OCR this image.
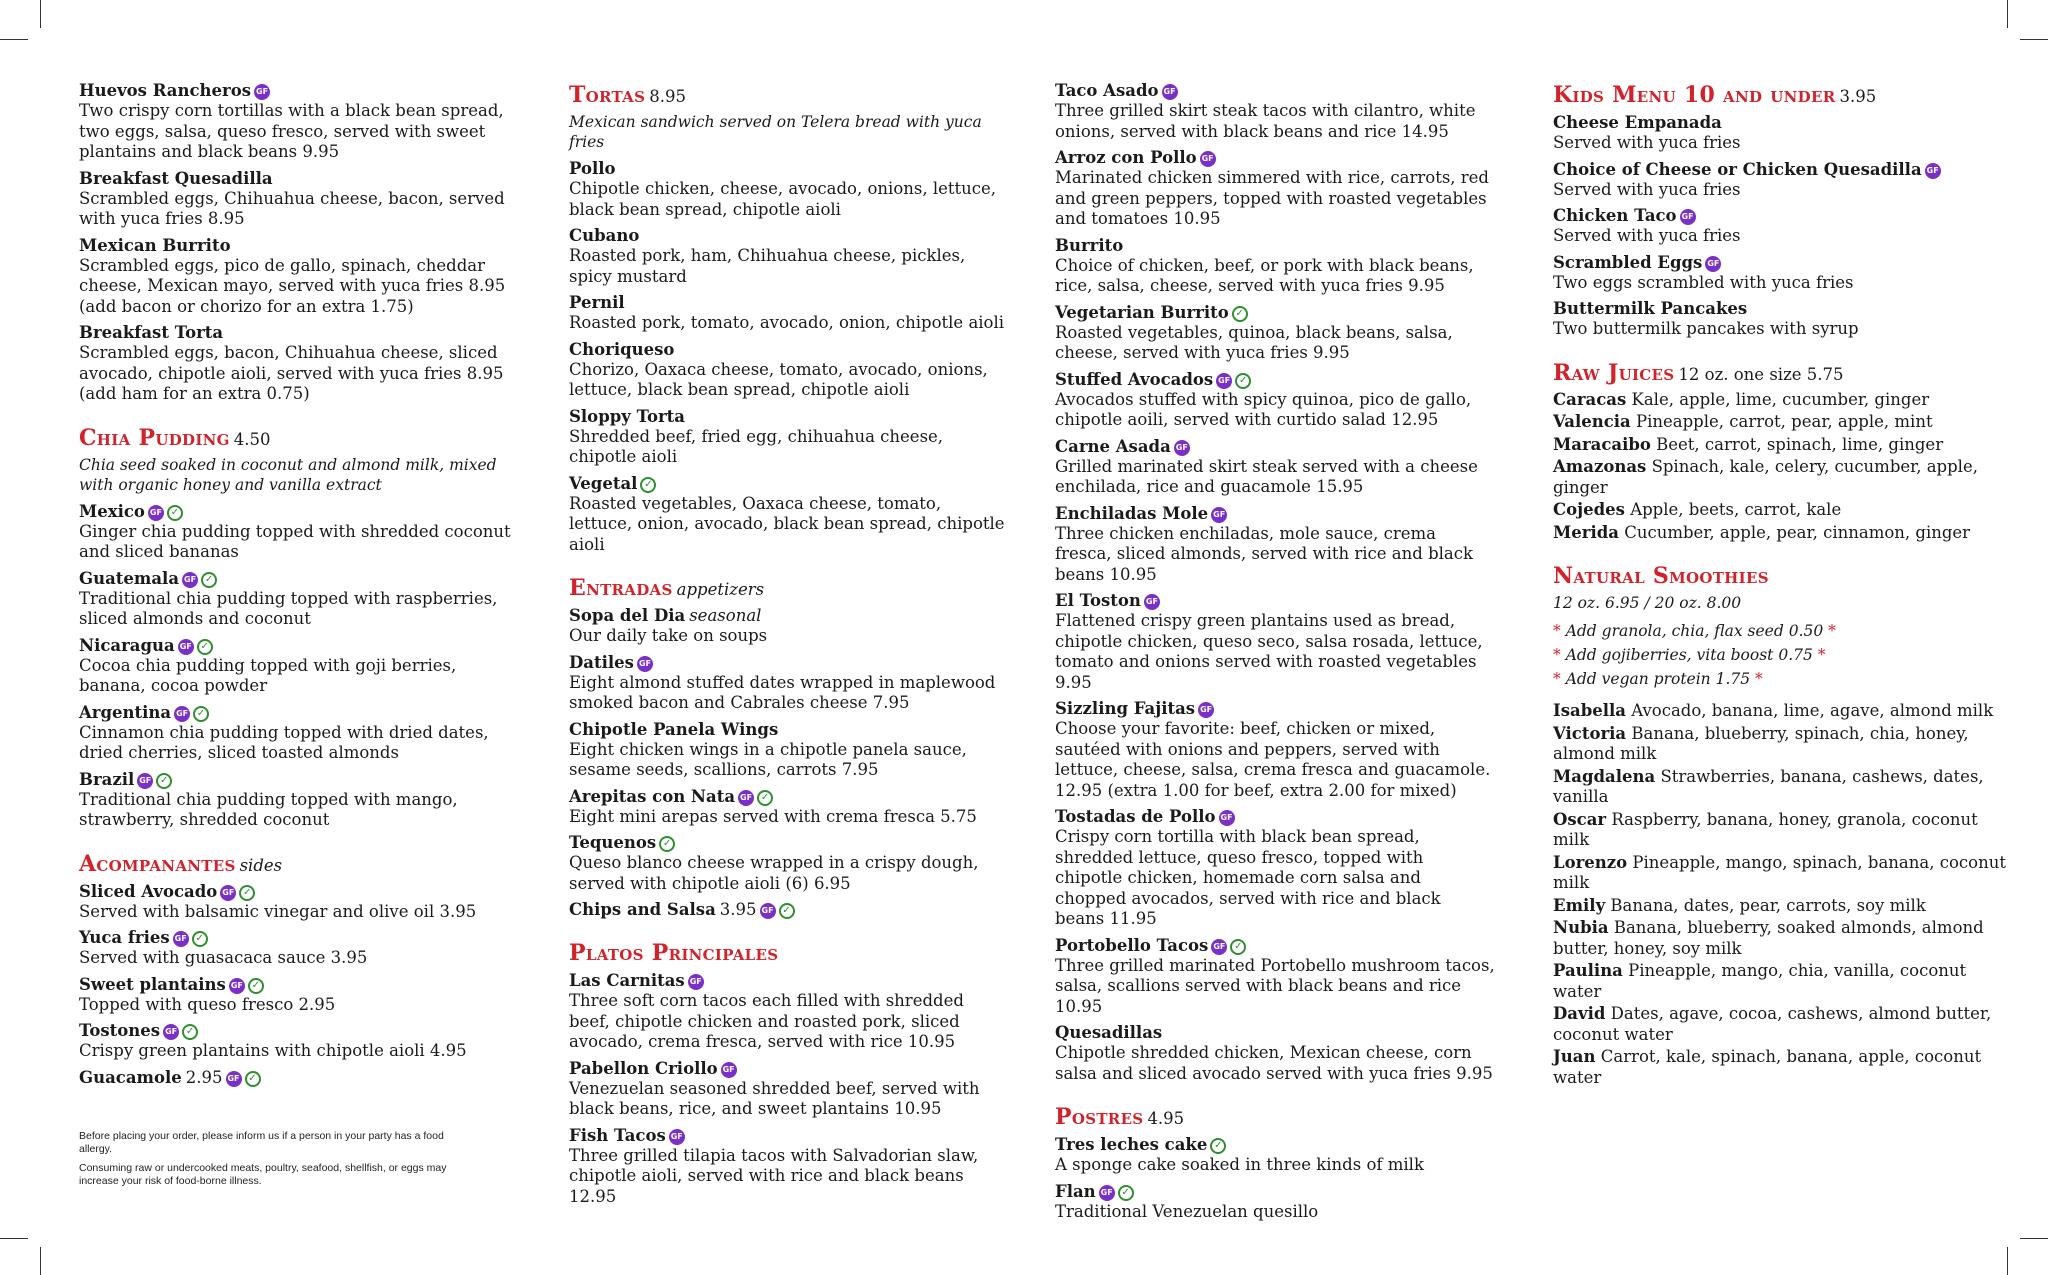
Huevos Rancheros GF
Two crispy corn tortillas with a black bean spread, two eggs, salsa, queso fresco, served with sweet plantains and black beans 9.95
Breakfast Quesadilla
Scrambled eggs, Chihuahua cheese, bacon, served with yuca fries 8.95
Mexican Burrito
Scrambled eggs, pico de gallo, spinach, cheddar cheese, Mexican mayo, served with yuca fries 8.95 (add bacon or chorizo for an extra 1.75)
Breakfast Torta
Scrambled eggs, bacon, Chihuahua cheese, sliced avocado, chipotle aioli, served with yuca fries 8.95 (add ham for an extra 0.75)
Chia Pudding 4.50
Chia seed soaked in coconut and almond milk, mixed with organic honey and vanilla extract
Mexico GF ✓
Ginger chia pudding topped with shredded coconut and sliced bananas
Guatemala GF ✓
Traditional chia pudding topped with raspberries, sliced almonds and coconut
Nicaragua GF ✓
Cocoa chia pudding topped with goji berries, banana, cocoa powder
Argentina GF ✓
Cinnamon chia pudding topped with dried dates, dried cherries, sliced toasted almonds
Brazil GF ✓
Traditional chia pudding topped with mango, strawberry, shredded coconut
Acompanantes sides
Sliced Avocado GF ✓
Served with balsamic vinegar and olive oil 3.95
Yuca fries GF ✓
Served with guasacaca sauce 3.95
Sweet plantains GF ✓
Topped with queso fresco 2.95
Tostones GF ✓
Crispy green plantains with chipotle aioli 4.95
Guacamole 2.95 GF ✓
Tortas 8.95
Mexican sandwich served on Telera bread with yuca fries
Pollo
Chipotle chicken, cheese, avocado, onions, lettuce, black bean spread, chipotle aioli
Cubano
Roasted pork, ham, Chihuahua cheese, pickles, spicy mustard
Pernil
Roasted pork, tomato, avocado, onion, chipotle aioli
Choriqueso
Chorizo, Oaxaca cheese, tomato, avocado, onions, lettuce, black bean spread, chipotle aioli
Sloppy Torta
Shredded beef, fried egg, chihuahua cheese, chipotle aioli
Vegetal ✓
Roasted vegetables, Oaxaca cheese, tomato, lettuce, onion, avocado, black bean spread, chipotle aioli
Entradas appetizers
Sopa del Dia seasonal
Our daily take on soups
Datiles GF
Eight almond stuffed dates wrapped in maplewood smoked bacon and Cabrales cheese 7.95
Chipotle Panela Wings
Eight chicken wings in a chipotle panela sauce, sesame seeds, scallions, carrots 7.95
Arepitas con Nata GF ✓
Eight mini arepas served with crema fresca 5.75
Tequenos ✓
Queso blanco cheese wrapped in a crispy dough, served with chipotle aioli (6) 6.95
Chips and Salsa 3.95 GF ✓
Platos Principales
Las Carnitas GF
Three soft corn tacos each filled with shredded beef, chipotle chicken and roasted pork, sliced avocado, crema fresca, served with rice 10.95
Pabellon Criollo GF
Venezuelan seasoned shredded beef, served with black beans, rice, and sweet plantains 10.95
Fish Tacos GF
Three grilled tilapia tacos with Salvadorian slaw, chipotle aioli, served with rice and black beans 12.95
Taco Asado GF
Three grilled skirt steak tacos with cilantro, white onions, served with black beans and rice 14.95
Arroz con Pollo GF
Marinated chicken simmered with rice, carrots, red and green peppers, topped with roasted vegetables and tomatoes 10.95
Burrito
Choice of chicken, beef, or pork with black beans, rice, salsa, cheese, served with yuca fries 9.95
Vegetarian Burrito ✓
Roasted vegetables, quinoa, black beans, salsa, cheese, served with yuca fries 9.95
Stuffed Avocados GF ✓
Avocados stuffed with spicy quinoa, pico de gallo, chipotle aoili, served with curtido salad 12.95
Carne Asada GF
Grilled marinated skirt steak served with a cheese enchilada, rice and guacamole 15.95
Enchiladas Mole GF
Three chicken enchiladas, mole sauce, crema fresca, sliced almonds, served with rice and black beans 10.95
El Toston GF
Flattened crispy green plantains used as bread, chipotle chicken, queso seco, salsa rosada, lettuce, tomato and onions served with roasted vegetables 9.95
Sizzling Fajitas GF
Choose your favorite: beef, chicken or mixed, sautéed with onions and peppers, served with lettuce, cheese, salsa, crema fresca and guacamole. 12.95 (extra 1.00 for beef, extra 2.00 for mixed)
Tostadas de Pollo GF
Crispy corn tortilla with black bean spread, shredded lettuce, queso fresco, topped with chipotle chicken, homemade corn salsa and chopped avocados, served with rice and black beans 11.95
Portobello Tacos GF ✓
Three grilled marinated Portobello mushroom tacos, salsa, scallions served with black beans and rice 10.95
Quesadillas
Chipotle shredded chicken, Mexican cheese, corn salsa and sliced avocado served with yuca fries 9.95
Postres 4.95
Tres leches cake ✓
A sponge cake soaked in three kinds of milk
Flan GF ✓
Traditional Venezuelan quesillo
Kids Menu 10 and under 3.95
Cheese Empanada
Served with yuca fries
Choice of Cheese or Chicken Quesadilla GF
Served with yuca fries
Chicken Taco GF
Served with yuca fries
Scrambled Eggs GF
Two eggs scrambled with yuca fries
Buttermilk Pancakes
Two buttermilk pancakes with syrup
Raw Juices 12 oz. one size 5.75
Caracas Kale, apple, lime, cucumber, ginger
Valencia Pineapple, carrot, pear, apple, mint
Maracaibo Beet, carrot, spinach, lime, ginger
Amazonas Spinach, kale, celery, cucumber, apple, ginger
Cojedes Apple, beets, carrot, kale
Merida Cucumber, apple, pear, cinnamon, ginger
Natural Smoothies
12 oz. 6.95 / 20 oz. 8.00
* Add granola, chia, flax seed 0.50 *
* Add gojiberries, vita boost 0.75 *
* Add vegan protein 1.75 *
Isabella Avocado, banana, lime, agave, almond milk
Victoria Banana, blueberry, spinach, chia, honey, almond milk
Magdalena Strawberries, banana, cashews, dates, vanilla
Oscar Raspberry, banana, honey, granola, coconut milk
Lorenzo Pineapple, mango, spinach, banana, coconut milk
Emily Banana, dates, pear, carrots, soy milk
Nubia Banana, blueberry, soaked almonds, almond butter, honey, soy milk
Paulina Pineapple, mango, chia, vanilla, coconut water
David Dates, agave, cocoa, cashews, almond butter, coconut water
Juan Carrot, kale, spinach, banana, apple, coconut water

Before placing your order, please inform us if a person in your party has a food allergy.

Consuming raw or undercooked meats, poultry, seafood, shellfish, or eggs may increase your risk of food-borne illness.
